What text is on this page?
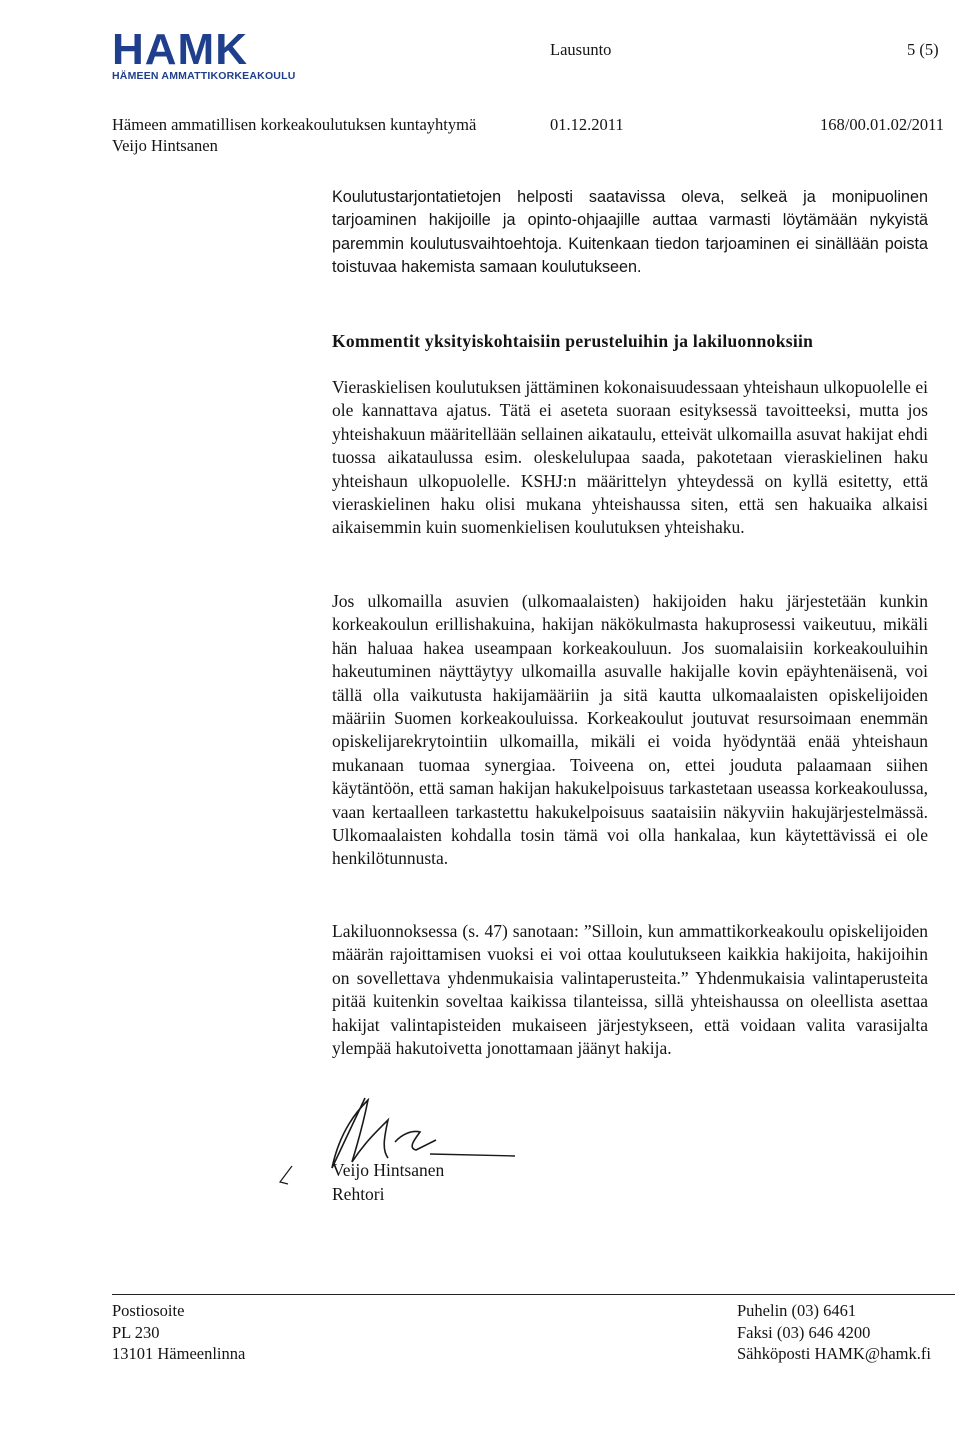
HAMK
HÄMEEN AMMATTIKORKEAKOULU
Lausunto	5 (5)
Hämeen ammatillisen korkeakoulutuksen kuntayhtymä	01.12.2011	168/00.01.02/2011
Veijo Hintsanen

Koulutustarjontatietojen helposti saatavissa oleva, selkeä ja monipuolinen tarjoaminen hakijoille ja opinto-ohjaajille auttaa varmasti löytämään nykyistä paremmin koulutusvaihtoehtoja. Kuitenkaan tiedon tarjoaminen ei sinällään poista toistuvaa hakemista samaan koulutukseen.

Kommentit yksityiskohtaisiin perusteluihin ja lakiluonnoksiin

Vieraskielisen koulutuksen jättäminen kokonaisuudessaan yhteishaun ulkopuolelle ei ole kannattava ajatus. Tätä ei aseteta suoraan esityksessä tavoitteeksi, mutta jos yhteishakuun määritellään sellainen aikataulu, etteivät ulkomailla asuvat hakijat ehdi tuossa aikataulussa esim. oleskelulupaa saada, pakotetaan vieraskielinen haku yhteishaun ulkopuolelle. KSHJ:n määrittelyn yhteydessä on kyllä esitetty, että vieraskielinen haku olisi mukana yhteishaussa siten, että sen hakuaika alkaisi aikaisemmin kuin suomenkielisen koulutuksen yhteishaku.

Jos ulkomailla asuvien (ulkomaalaisten) hakijoiden haku järjestetään kunkin korkeakoulun erillishakuina, hakijan näkökulmasta hakuprosessi vaikeutuu, mikäli hän haluaa hakea useampaan korkeakouluun. Jos suomalaisiin korkeakouluihin hakeutuminen näyttäytyy ulkomailla asuvalle hakijalle kovin epäyhtenäisenä, voi tällä olla vaikutusta hakijamääriin ja sitä kautta ulkomaalaisten opiskelijoiden määriin Suomen korkeakouluissa. Korkeakoulut joutuvat resursoimaan enemmän opiskelijarekrytointiin ulkomailla, mikäli ei voida hyödyntää enää yhteishaun mukanaan tuomaa synergiaa. Toiveena on, ettei jouduta palaamaan siihen käytäntöön, että saman hakijan hakukelpoisuus tarkastetaan useassa korkeakoulussa, vaan kertaalleen tarkastettu hakukelpoisuus saataisiin näkyviin hakujärjestelmässä. Ulkomaalaisten kohdalla tosin tämä voi olla hankalaa, kun käytettävissä ei ole henkilötunnusta.

Lakiluonnoksessa (s. 47) sanotaan: ”Silloin, kun ammattikorkeakoulu opiskelijoiden määrän rajoittamisen vuoksi ei voi ottaa koulutukseen kaikkia hakijoita, hakijoihin on sovellettava yhdenmukaisia valintaperusteita.” Yhdenmukaisia valintaperusteita pitää kuitenkin soveltaa kaikissa tilanteissa, sillä yhteishaussa on oleellista asettaa hakijat valintapisteiden mukaiseen järjestykseen, että voidaan valita varasijalta ylempää hakutoivetta jonottamaan jäänyt hakija.

Veijo Hintsanen
Rehtori
Postiosoite
PL 230
13101 Hämeenlinna
Puhelin (03) 6461
Faksi (03) 646 4200
Sähköposti HAMK@hamk.fi
